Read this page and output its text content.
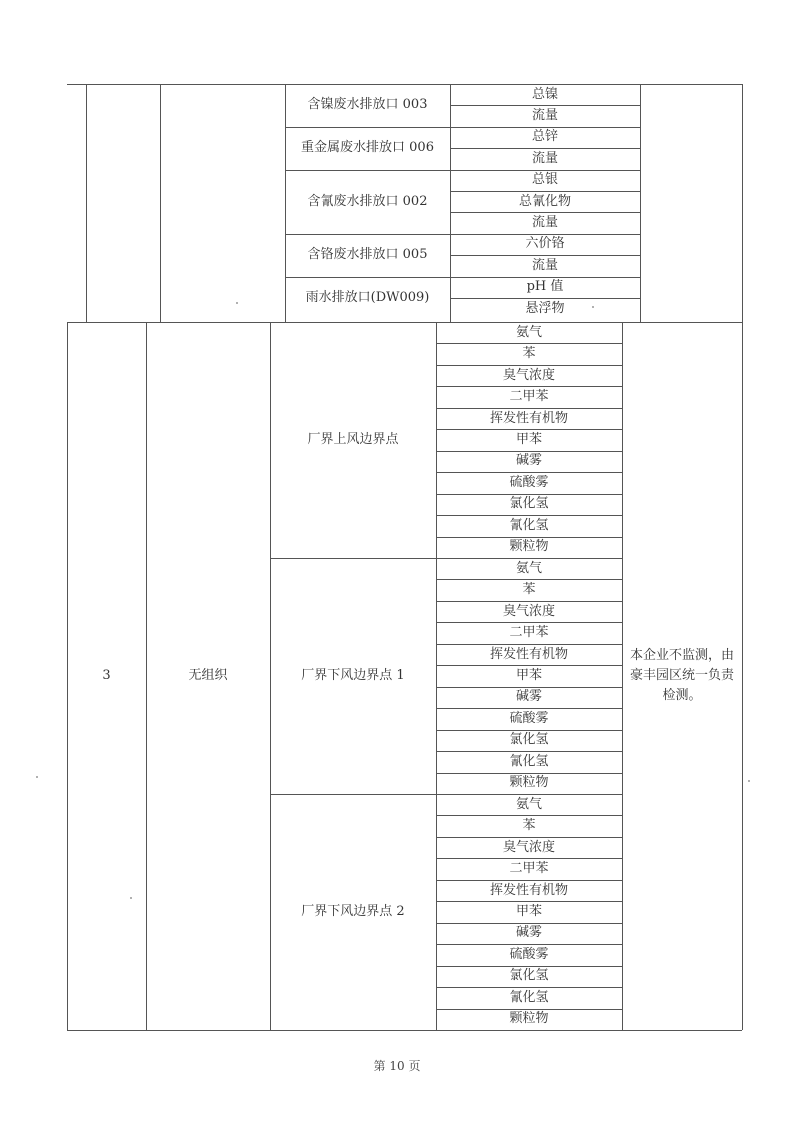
含镍废水排放口 003
总镍
流量
重金属废水排放口 006
总锌
流量
含氰废水排放口 002
总银
总氰化物
流量
含铬废水排放口 005
六价铬
流量
雨水排放口(DW009)
pH 值
悬浮物
厂界上风边界点
氨气
苯
臭气浓度
二甲苯
挥发性有机物
甲苯
碱雾
硫酸雾
氯化氢
氰化氢
颗粒物
厂界下风边界点 1
氨气
苯
臭气浓度
二甲苯
挥发性有机物
甲苯
碱雾
硫酸雾
氯化氢
氰化氢
颗粒物
厂界下风边界点 2
氨气
苯
臭气浓度
二甲苯
挥发性有机物
甲苯
碱雾
硫酸雾
氯化氢
氰化氢
颗粒物
3	无组织
本企业不监测，由豪丰园区统一负责检测。
第 10 页
